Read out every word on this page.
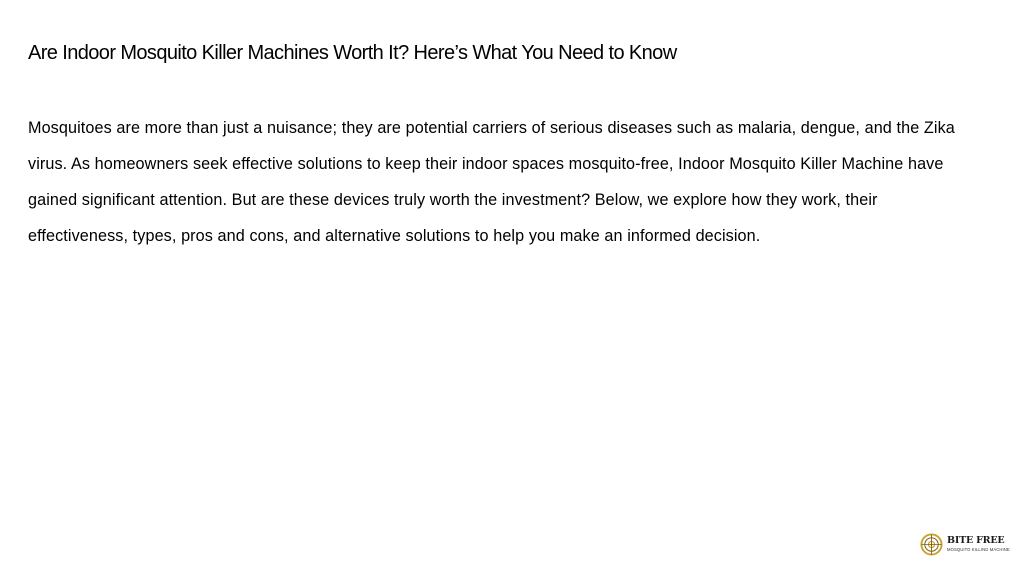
Are Indoor Mosquito Killer Machines Worth It? Here’s What You Need to Know

Mosquitoes are more than just a nuisance; they are potential carriers of serious diseases such as malaria, dengue, and the Zika virus. As homeowners seek effective solutions to keep their indoor spaces mosquito-free, Indoor Mosquito Killer Machine have gained significant attention. But are these devices truly worth the investment? Below, we explore how they work, their effectiveness, types, pros and cons, and alternative solutions to help you make an informed decision.

BITE FREE
MOSQUITO KILLING MACHINE
